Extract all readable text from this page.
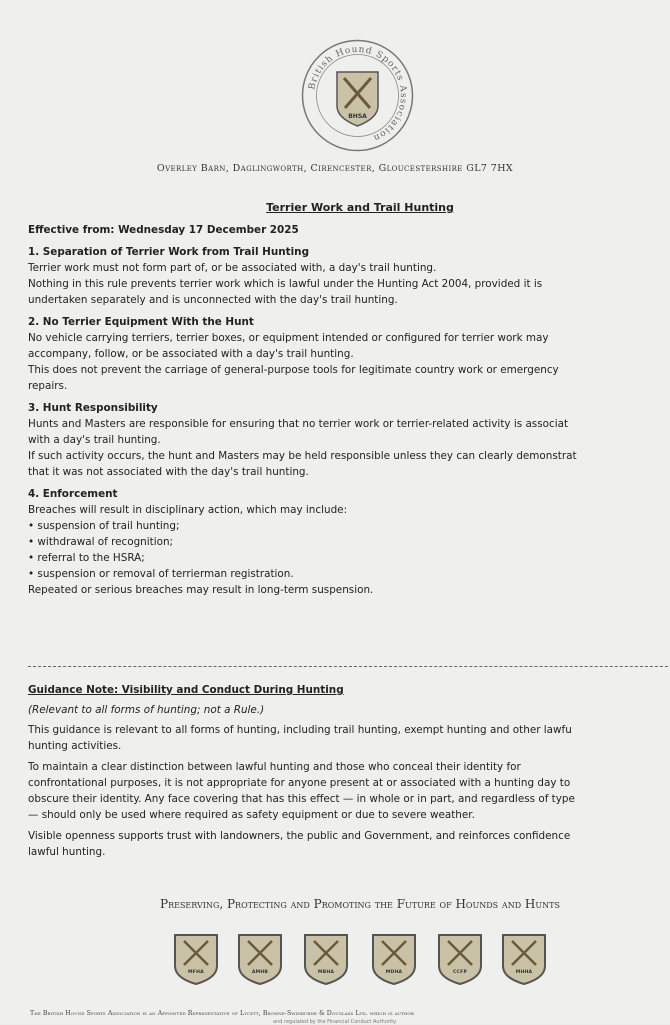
British Hound Sports Association
BHSA
Overley Barn, Daglingworth, Cirencester, Gloucestershire GL7 7HX
Terrier Work and Trail Hunting
Effective from: Wednesday 17 December 2025
1. Separation of Terrier Work from Trail Hunting
Terrier work must not form part of, or be associated with, a day's trail hunting.
Nothing in this rule prevents terrier work which is lawful under the Hunting Act 2004, provided it is
undertaken separately and is unconnected with the day's trail hunting.
2. No Terrier Equipment With the Hunt
No vehicle carrying terriers, terrier boxes, or equipment intended or configured for terrier work may
accompany, follow, or be associated with a day's trail hunting.
This does not prevent the carriage of general-purpose tools for legitimate country work or emergency
repairs.
3. Hunt Responsibility
Hunts and Masters are responsible for ensuring that no terrier work or terrier-related activity is associat
with a day's trail hunting.
If such activity occurs, the hunt and Masters may be held responsible unless they can clearly demonstrat
that it was not associated with the day's trail hunting.
4. Enforcement
Breaches will result in disciplinary action, which may include:
• suspension of trail hunting;
• withdrawal of recognition;
• referral to the HSRA;
• suspension or removal of terrierman registration.
Repeated or serious breaches may result in long-term suspension.
Guidance Note: Visibility and Conduct During Hunting
(Relevant to all forms of hunting; not a Rule.)
This guidance is relevant to all forms of hunting, including trail hunting, exempt hunting and other lawfu
hunting activities.
To maintain a clear distinction between lawful hunting and those who conceal their identity for
confrontational purposes, it is not appropriate for anyone present at or associated with a hunting day to
obscure their identity. Any face covering that has this effect — in whole or in part, and regardless of type
— should only be used where required as safety equipment or due to severe weather.
Visible openness supports trust with landowners, the public and Government, and reinforces confidence
lawful hunting.
Preserving, Protecting and Promoting the Future of Hounds and Hunts
MFHA	AMHB	MBHA	MDHA	CCFP	MHHA
The British Hound Sports Association is an Appointed Representative of Lycett, Browne-Swinburne & Douglass Ltd. which is author
and regulated by the Financial Conduct Authority.
